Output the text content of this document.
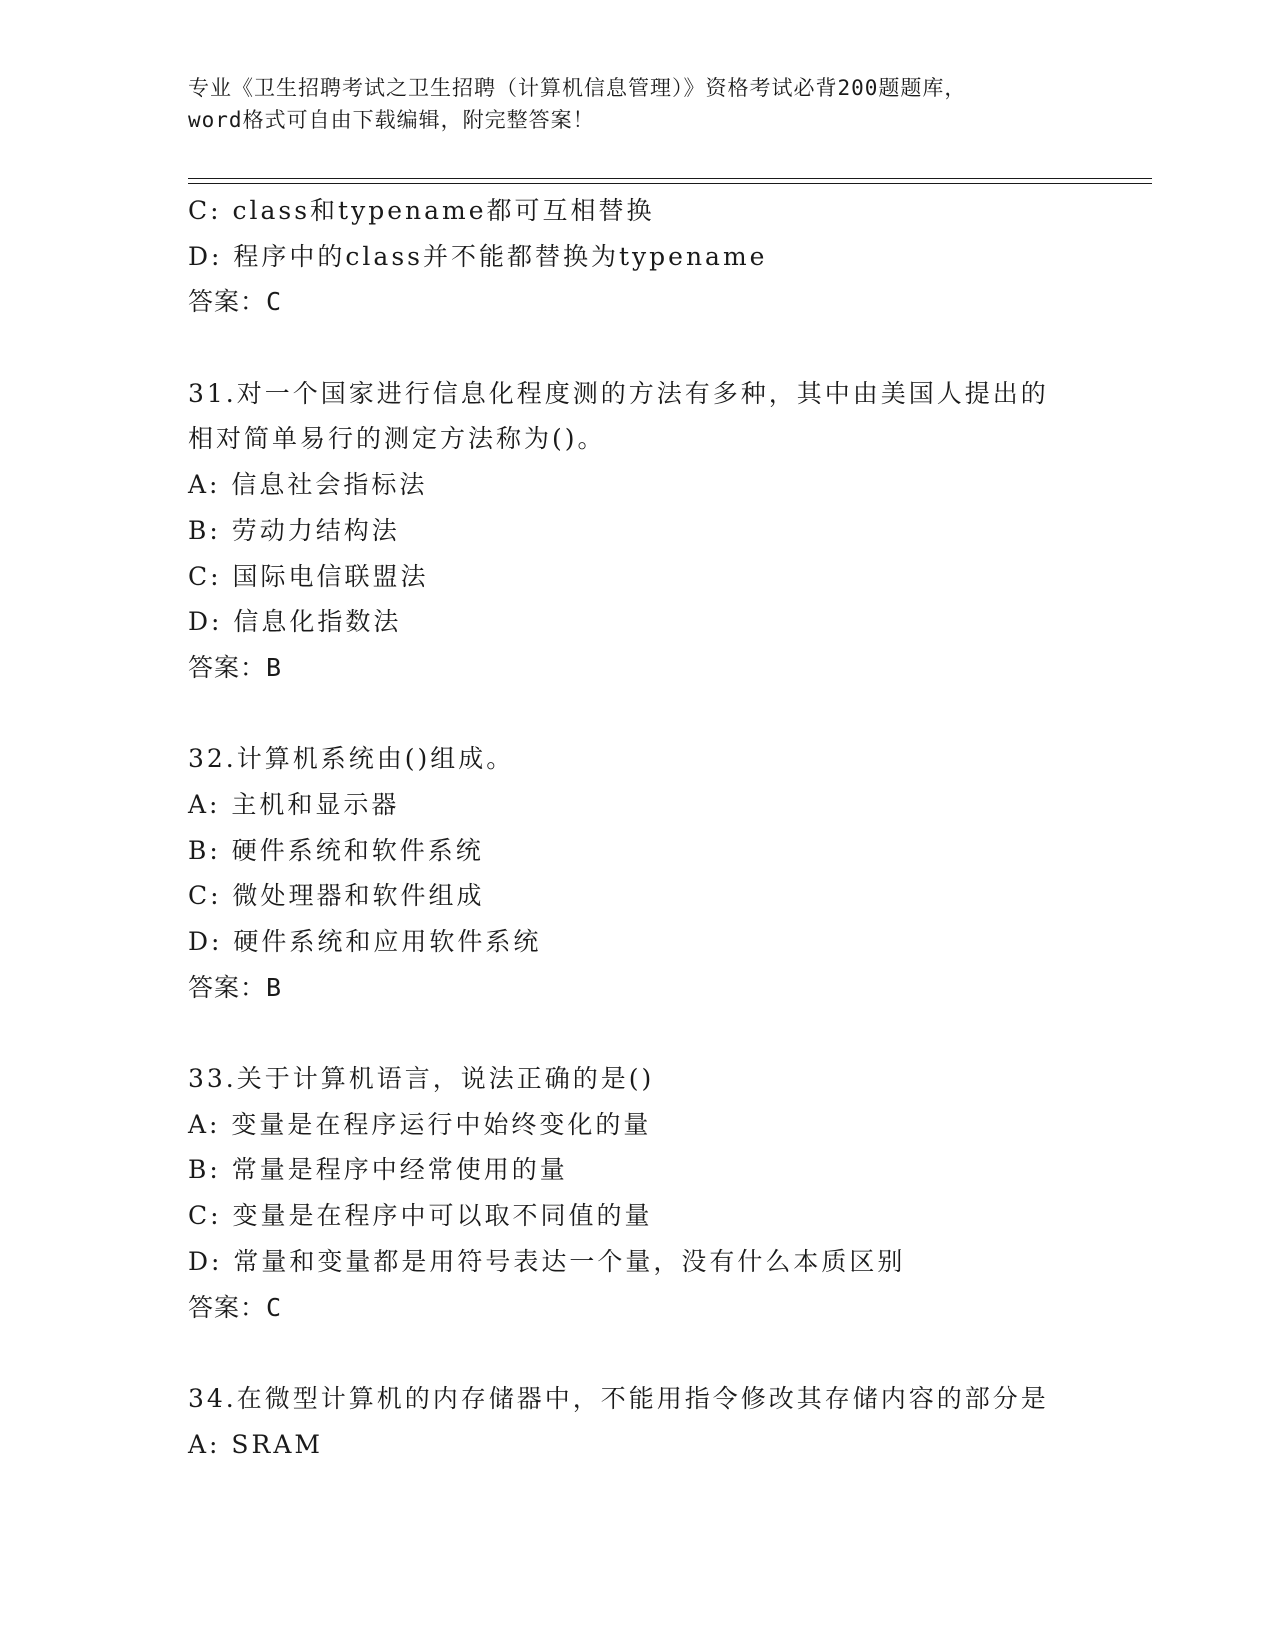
专业《卫生招聘考试之卫生招聘（计算机信息管理）》资格考试必背200题题库，
word格式可自由下载编辑，附完整答案！
C: class和typename都可互相替换
D: 程序中的class并不能都替换为typename
答案：C
31.对一个国家进行信息化程度测的方法有多种，其中由美国人提出的
相对简单易行的测定方法称为()。
A: 信息社会指标法
B: 劳动力结构法
C: 国际电信联盟法
D: 信息化指数法
答案：B
32.计算机系统由()组成。
A: 主机和显示器
B: 硬件系统和软件系统
C: 微处理器和软件组成
D: 硬件系统和应用软件系统
答案：B
33.关于计算机语言，说法正确的是()
A: 变量是在程序运行中始终变化的量
B: 常量是程序中经常使用的量
C: 变量是在程序中可以取不同值的量
D: 常量和变量都是用符号表达一个量，没有什么本质区别
答案：C
34.在微型计算机的内存储器中，不能用指令修改其存储内容的部分是
A: SRAM
